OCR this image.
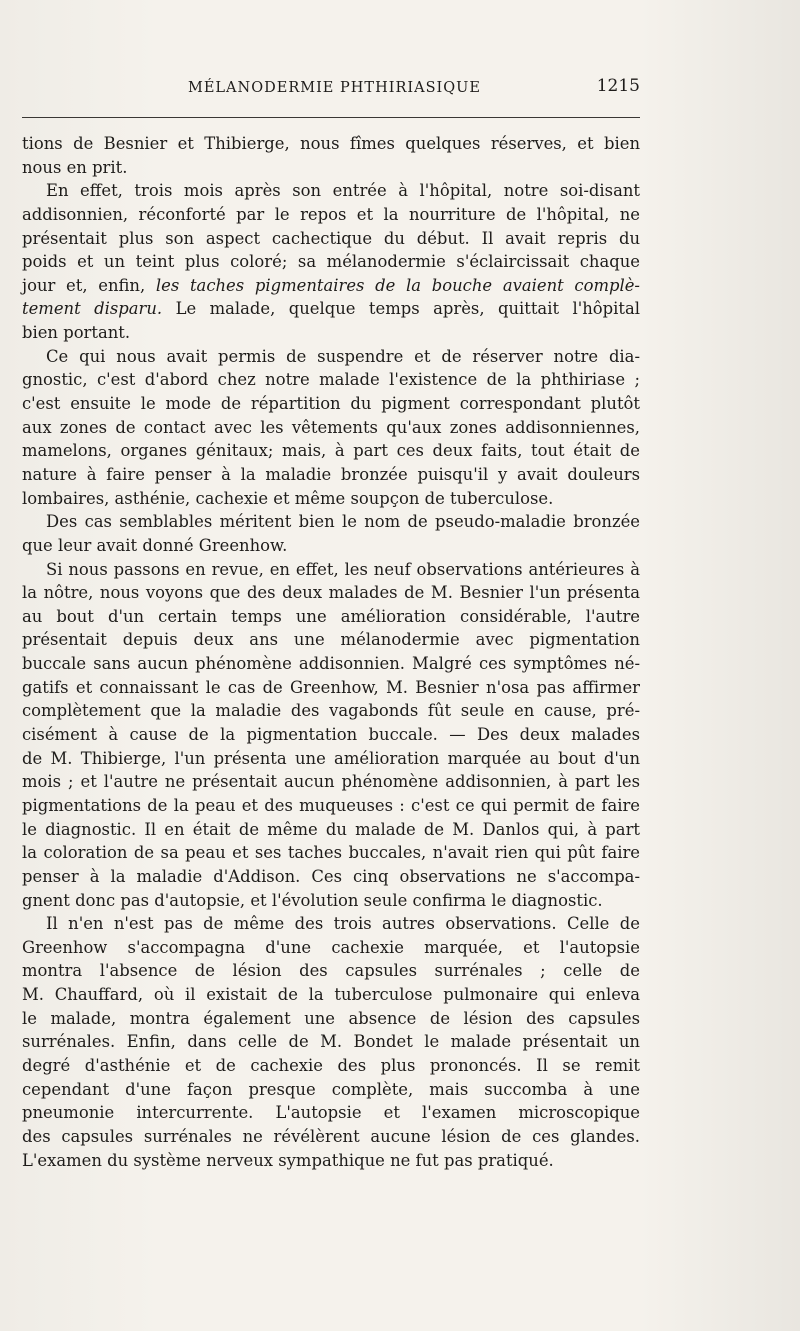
MÉLANODERMIE PHTHIRIASIQUE	1215
tions de Besnier et Thibierge, nous fîmes quelques réserves, et bien
nous en prit.
En effet, trois mois après son entrée à l'hôpital, notre soi-disant
addisonnien, réconforté par le repos et la nourriture de l'hôpital, ne
présentait plus son aspect cachectique du début. Il avait repris du
poids et un teint plus coloré; sa mélanodermie s'éclaircissait chaque
jour et, enfin, les taches pigmentaires de la bouche avaient complè-
tement disparu. Le malade, quelque temps après, quittait l'hôpital
bien portant.
Ce qui nous avait permis de suspendre et de réserver notre dia-
gnostic, c'est d'abord chez notre malade l'existence de la phthiriase ;
c'est ensuite le mode de répartition du pigment correspondant plutôt
aux zones de contact avec les vêtements qu'aux zones addisonniennes,
mamelons, organes génitaux; mais, à part ces deux faits, tout était de
nature à faire penser à la maladie bronzée puisqu'il y avait douleurs
lombaires, asthénie, cachexie et même soupçon de tuberculose.
Des cas semblables méritent bien le nom de pseudo-maladie bronzée
que leur avait donné Greenhow.
Si nous passons en revue, en effet, les neuf observations antérieures à
la nôtre, nous voyons que des deux malades de M. Besnier l'un présenta
au bout d'un certain temps une amélioration considérable, l'autre
présentait depuis deux ans une mélanodermie avec pigmentation
buccale sans aucun phénomène addisonnien. Malgré ces symptômes né-
gatifs et connaissant le cas de Greenhow, M. Besnier n'osa pas affirmer
complètement que la maladie des vagabonds fût seule en cause, pré-
cisément à cause de la pigmentation buccale. — Des deux malades
de M. Thibierge, l'un présenta une amélioration marquée au bout d'un
mois ; et l'autre ne présentait aucun phénomène addisonnien, à part les
pigmentations de la peau et des muqueuses : c'est ce qui permit de faire
le diagnostic. Il en était de même du malade de M. Danlos qui, à part
la coloration de sa peau et ses taches buccales, n'avait rien qui pût faire
penser à la maladie d'Addison. Ces cinq observations ne s'accompa-
gnent donc pas d'autopsie, et l'évolution seule confirma le diagnostic.
Il n'en n'est pas de même des trois autres observations. Celle de
Greenhow s'accompagna d'une cachexie marquée, et l'autopsie
montra l'absence de lésion des capsules surrénales ; celle de
M. Chauffard, où il existait de la tuberculose pulmonaire qui enleva
le malade, montra également une absence de lésion des capsules
surrénales. Enfin, dans celle de M. Bondet le malade présentait un
degré d'asthénie et de cachexie des plus prononcés. Il se remit
cependant d'une façon presque complète, mais succomba à une
pneumonie intercurrente. L'autopsie et l'examen microscopique
des capsules surrénales ne révélèrent aucune lésion de ces glandes.
L'examen du système nerveux sympathique ne fut pas pratiqué.
